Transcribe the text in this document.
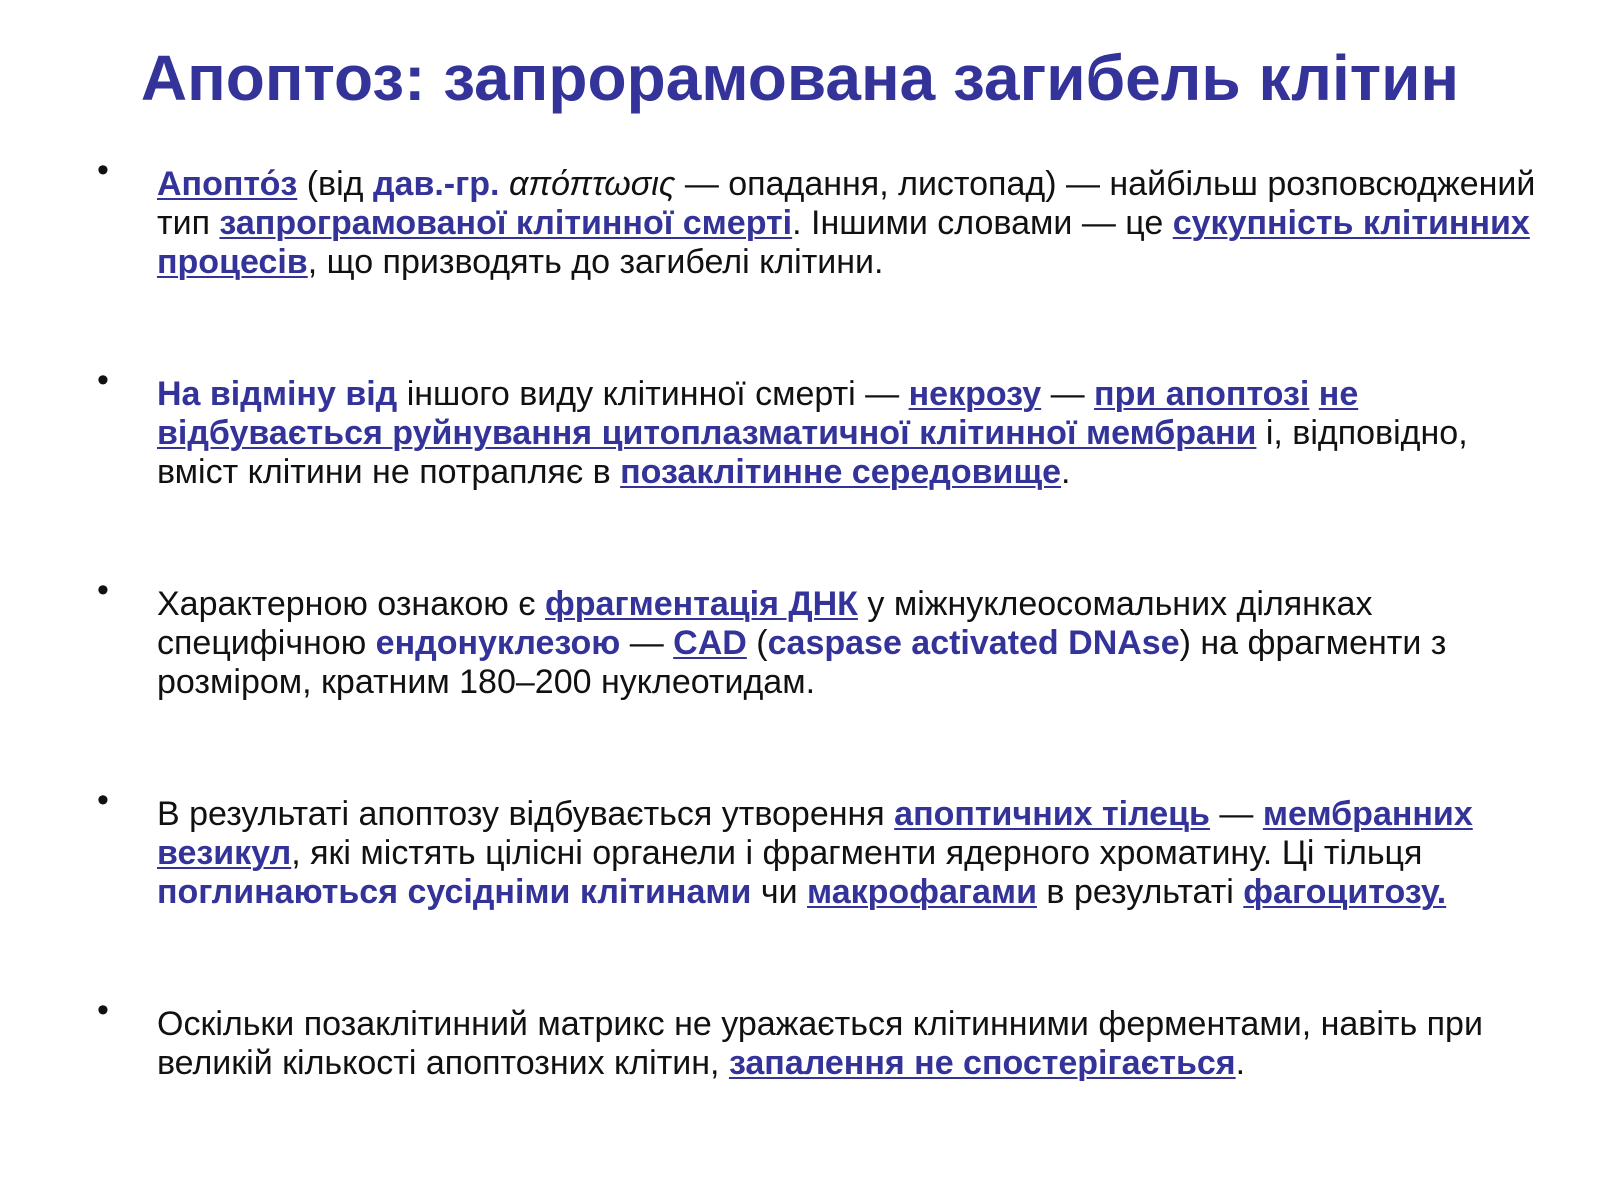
Апоптоз: запрорамована загибель клітин
• Апопто́з (від дав.-гр. απόπτωσις — опадання, листопад) — найбільш розповсюджений тип запрограмованої клітинної смерті. Іншими словами — це сукупність клітинних процесів, що призводять до загибелі клітини.
• На відміну від іншого виду клітинної смерті — некрозу — при апоптозі не відбувається руйнування цитоплазматичної клітинної мембрани і, відповідно, вміст клітини не потрапляє в позаклітинне середовище.
• Характерною ознакою є фрагментація ДНК у міжнуклеосомальних ділянках специфічною ендонуклезою — CAD (caspase activated DNAse) на фрагменти з розміром, кратним 180–200 нуклеотидам.
• В результаті апоптозу відбувається утворення апоптичних тілець — мембранних везикул, які містять цілісні органели і фрагменти ядерного хроматину. Ці тільця поглинаються сусідніми клітинами чи макрофагами в результаті фагоцитозу.
• Оскільки позаклітинний матрикс не уражається клітинними ферментами, навіть при великій кількості апоптозних клітин, запалення не спостерігається.
